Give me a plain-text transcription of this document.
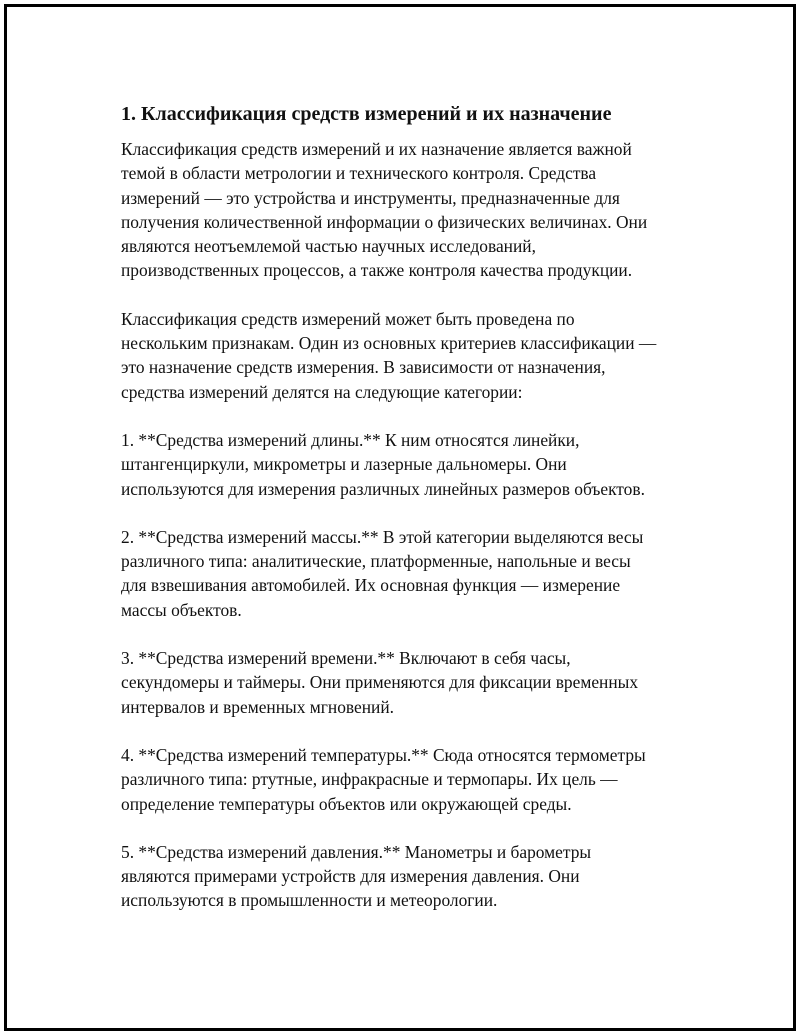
1. Классификация средств измерений и их назначение

Классификация средств измерений и их назначение является важной
темой в области метрологии и технического контроля. Средства
измерений — это устройства и инструменты, предназначенные для
получения количественной информации о физических величинах. Они
являются неотъемлемой частью научных исследований,
производственных процессов, а также контроля качества продукции.

Классификация средств измерений может быть проведена по
нескольким признакам. Один из основных критериев классификации —
это назначение средств измерения. В зависимости от назначения,
средства измерений делятся на следующие категории:

1. **Средства измерений длины.** К ним относятся линейки,
штангенциркули, микрометры и лазерные дальномеры. Они
используются для измерения различных линейных размеров объектов.

2. **Средства измерений массы.** В этой категории выделяются весы
различного типа: аналитические, платформенные, напольные и весы
для взвешивания автомобилей. Их основная функция — измерение
массы объектов.

3. **Средства измерений времени.** Включают в себя часы,
секундомеры и таймеры. Они применяются для фиксации временных
интервалов и временных мгновений.

4. **Средства измерений температуры.** Сюда относятся термометры
различного типа: ртутные, инфракрасные и термопары. Их цель —
определение температуры объектов или окружающей среды.

5. **Средства измерений давления.** Манометры и барометры
являются примерами устройств для измерения давления. Они
используются в промышленности и метеорологии.
